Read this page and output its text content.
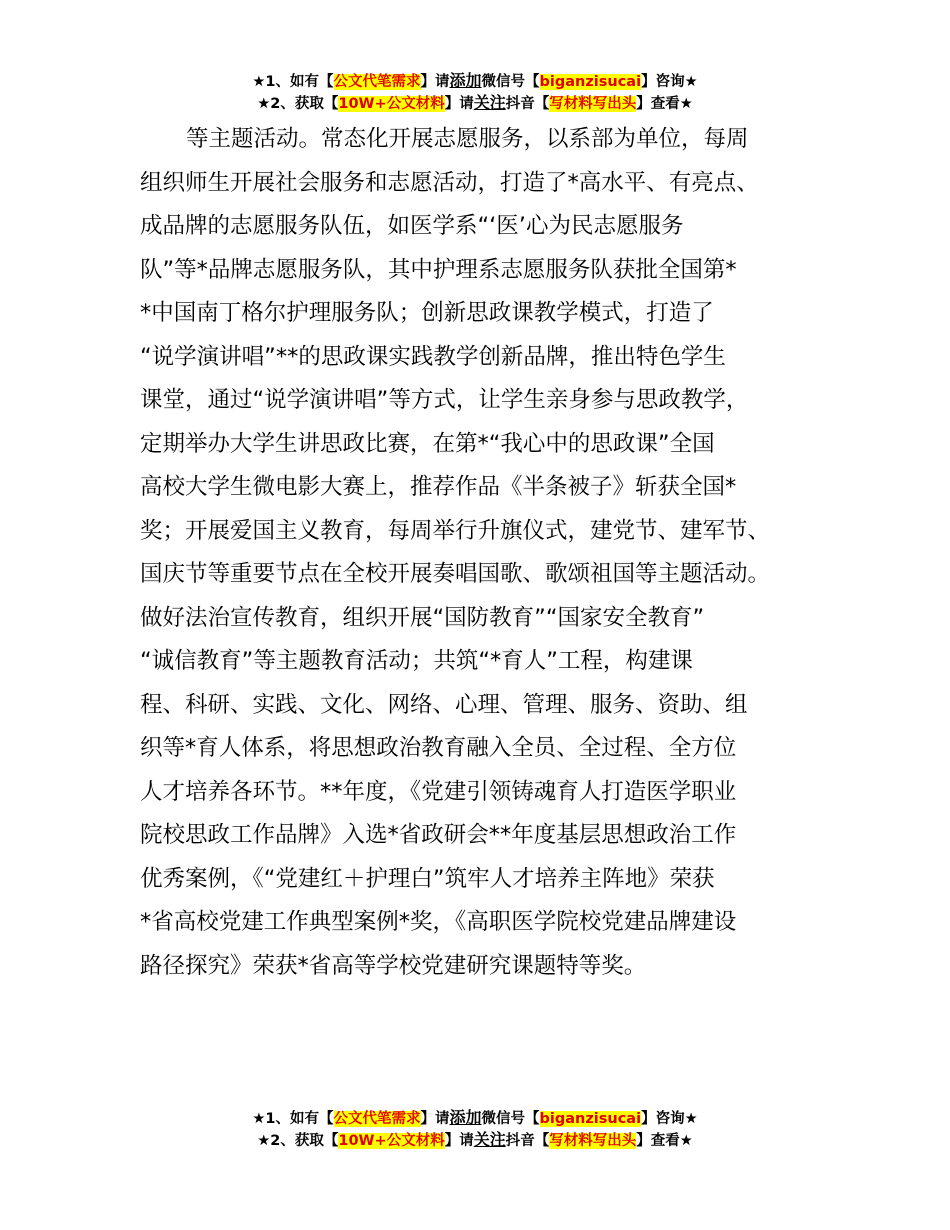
★1、如有【公文代笔需求】请添加微信号【biganzisucai】咨询★
★2、获取【10W+公文材料】请关注抖音【写材料写出头】查看★
等主题活动。常态化开展志愿服务，以系部为单位，每周
组织师生开展社会服务和志愿活动，打造了*高水平、有亮点、
成品牌的志愿服务队伍，如医学系“‘医’心为民志愿服务
队”等*品牌志愿服务队，其中护理系志愿服务队获批全国第*
*中国南丁格尔护理服务队；创新思政课教学模式，打造了
“说学演讲唱”**的思政课实践教学创新品牌，推出特色学生
课堂，通过“说学演讲唱”等方式，让学生亲身参与思政教学，
定期举办大学生讲思政比赛，在第*“我心中的思政课”全国
高校大学生微电影大赛上，推荐作品《半条被子》斩获全国*
奖；开展爱国主义教育，每周举行升旗仪式，建党节、建军节、
国庆节等重要节点在全校开展奏唱国歌、歌颂祖国等主题活动。
做好法治宣传教育，组织开展“国防教育”“国家安全教育”
“诚信教育”等主题教育活动；共筑“*育人”工程，构建课
程、科研、实践、文化、网络、心理、管理、服务、资助、组
织等*育人体系，将思想政治教育融入全员、全过程、全方位
人才培养各环节。**年度，《党建引领铸魂育人打造医学职业
院校思政工作品牌》入选*省政研会**年度基层思想政治工作
优秀案例，《“党建红＋护理白”筑牢人才培养主阵地》荣获
*省高校党建工作典型案例*奖，《高职医学院校党建品牌建设
路径探究》荣获*省高等学校党建研究课题特等奖。
★1、如有【公文代笔需求】请添加微信号【biganzisucai】咨询★
★2、获取【10W+公文材料】请关注抖音【写材料写出头】查看★
